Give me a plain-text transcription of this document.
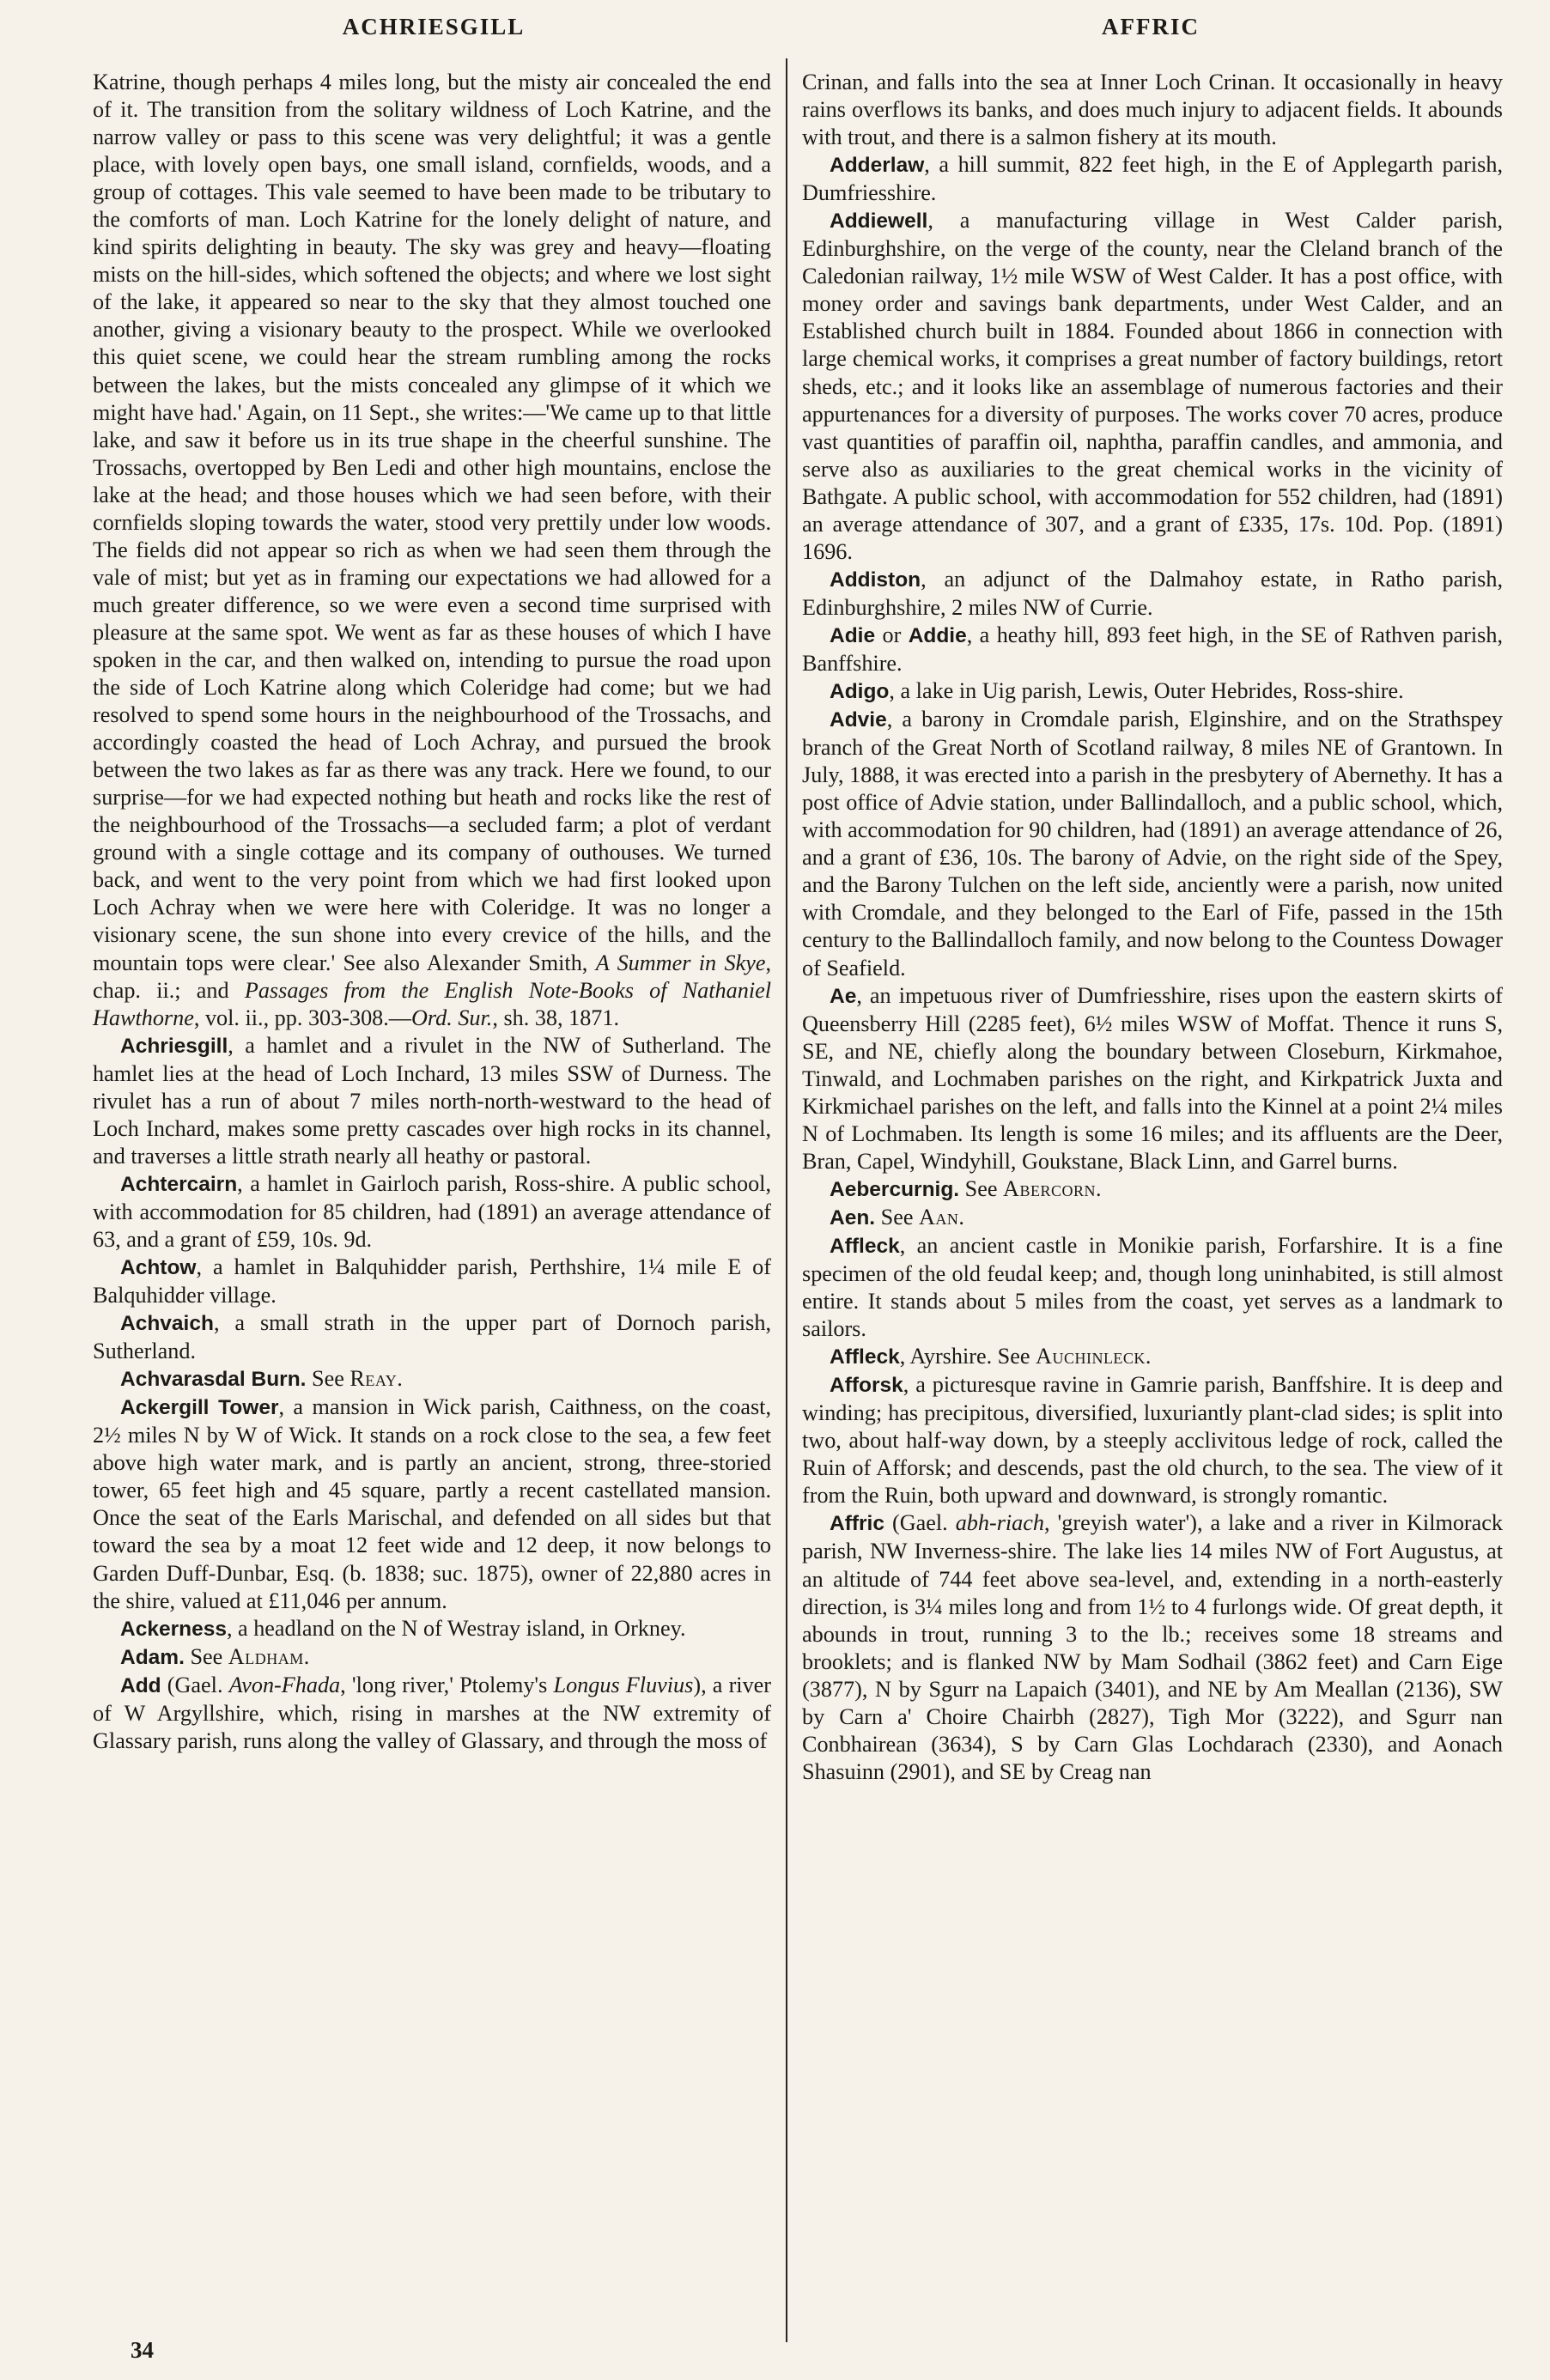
ACHRIESGILL	AFFRIC

Katrine, though perhaps 4 miles long, but the misty air concealed the end of it. The transition from the solitary wildness of Loch Katrine, and the narrow valley or pass to this scene was very delightful; it was a gentle place, with lovely open bays, one small island, cornfields, woods, and a group of cottages. This vale seemed to have been made to be tributary to the comforts of man. Loch Katrine for the lonely delight of nature, and kind spirits delighting in beauty. The sky was grey and heavy—floating mists on the hill-sides, which softened the objects; and where we lost sight of the lake, it appeared so near to the sky that they almost touched one another, giving a visionary beauty to the prospect. While we overlooked this quiet scene, we could hear the stream rumbling among the rocks between the lakes, but the mists concealed any glimpse of it which we might have had.' Again, on 11 Sept., she writes:—'We came up to that little lake, and saw it before us in its true shape in the cheerful sunshine. The Trossachs, overtopped by Ben Ledi and other high mountains, enclose the lake at the head; and those houses which we had seen before, with their cornfields sloping towards the water, stood very prettily under low woods. The fields did not appear so rich as when we had seen them through the vale of mist; but yet as in framing our expectations we had allowed for a much greater difference, so we were even a second time surprised with pleasure at the same spot. We went as far as these houses of which I have spoken in the car, and then walked on, intending to pursue the road upon the side of Loch Katrine along which Coleridge had come; but we had resolved to spend some hours in the neighbourhood of the Trossachs, and accordingly coasted the head of Loch Achray, and pursued the brook between the two lakes as far as there was any track. Here we found, to our surprise—for we had expected nothing but heath and rocks like the rest of the neighbourhood of the Trossachs—a secluded farm; a plot of verdant ground with a single cottage and its company of outhouses. We turned back, and went to the very point from which we had first looked upon Loch Achray when we were here with Coleridge. It was no longer a visionary scene, the sun shone into every crevice of the hills, and the mountain tops were clear.' See also Alexander Smith, A Summer in Skye, chap. ii.; and Passages from the English Note-Books of Nathaniel Hawthorne, vol. ii., pp. 303-308.—Ord. Sur., sh. 38, 1871.

Achriesgill, a hamlet and a rivulet in the NW of Sutherland. The hamlet lies at the head of Loch Inchard, 13 miles SSW of Durness. The rivulet has a run of about 7 miles north-north-westward to the head of Loch Inchard, makes some pretty cascades over high rocks in its channel, and traverses a little strath nearly all heathy or pastoral.

Achtercairn, a hamlet in Gairloch parish, Ross-shire. A public school, with accommodation for 85 children, had (1891) an average attendance of 63, and a grant of £59, 10s. 9d.

Achtow, a hamlet in Balquhidder parish, Perthshire, 1¼ mile E of Balquhidder village.

Achvaich, a small strath in the upper part of Dornoch parish, Sutherland.

Achvarasdal Burn. See Reay.

Ackergill Tower, a mansion in Wick parish, Caithness, on the coast, 2½ miles N by W of Wick. It stands on a rock close to the sea, a few feet above high water mark, and is partly an ancient, strong, three-storied tower, 65 feet high and 45 square, partly a recent castellated mansion. Once the seat of the Earls Marischal, and defended on all sides but that toward the sea by a moat 12 feet wide and 12 deep, it now belongs to Garden Duff-Dunbar, Esq. (b. 1838; suc. 1875), owner of 22,880 acres in the shire, valued at £11,046 per annum.

Ackerness, a headland on the N of Westray island, in Orkney.

Adam. See Aldham.

Add (Gael. Avon-Fhada, 'long river,' Ptolemy's Longus Fluvius), a river of W Argyllshire, which, rising in marshes at the NW extremity of Glassary parish, runs along the valley of Glassary, and through the moss of

Crinan, and falls into the sea at Inner Loch Crinan. It occasionally in heavy rains overflows its banks, and does much injury to adjacent fields. It abounds with trout, and there is a salmon fishery at its mouth.

Adderlaw, a hill summit, 822 feet high, in the E of Applegarth parish, Dumfriesshire.

Addiewell, a manufacturing village in West Calder parish, Edinburghshire, on the verge of the county, near the Cleland branch of the Caledonian railway, 1½ mile WSW of West Calder. It has a post office, with money order and savings bank departments, under West Calder, and an Established church built in 1884. Founded about 1866 in connection with large chemical works, it comprises a great number of factory buildings, retort sheds, etc.; and it looks like an assemblage of numerous factories and their appurtenances for a diversity of purposes. The works cover 70 acres, produce vast quantities of paraffin oil, naphtha, paraffin candles, and ammonia, and serve also as auxiliaries to the great chemical works in the vicinity of Bathgate. A public school, with accommodation for 552 children, had (1891) an average attendance of 307, and a grant of £335, 17s. 10d. Pop. (1891) 1696.

Addiston, an adjunct of the Dalmahoy estate, in Ratho parish, Edinburghshire, 2 miles NW of Currie.

Adie or Addie, a heathy hill, 893 feet high, in the SE of Rathven parish, Banffshire.

Adigo, a lake in Uig parish, Lewis, Outer Hebrides, Ross-shire.

Advie, a barony in Cromdale parish, Elginshire, and on the Strathspey branch of the Great North of Scotland railway, 8 miles NE of Grantown. In July, 1888, it was erected into a parish in the presbytery of Abernethy. It has a post office of Advie station, under Ballindalloch, and a public school, which, with accommodation for 90 children, had (1891) an average attendance of 26, and a grant of £36, 10s. The barony of Advie, on the right side of the Spey, and the Barony Tulchen on the left side, anciently were a parish, now united with Cromdale, and they belonged to the Earl of Fife, passed in the 15th century to the Ballindalloch family, and now belong to the Countess Dowager of Seafield.

Ae, an impetuous river of Dumfriesshire, rises upon the eastern skirts of Queensberry Hill (2285 feet), 6½ miles WSW of Moffat. Thence it runs S, SE, and NE, chiefly along the boundary between Closeburn, Kirkmahoe, Tinwald, and Lochmaben parishes on the right, and Kirkpatrick Juxta and Kirkmichael parishes on the left, and falls into the Kinnel at a point 2¼ miles N of Lochmaben. Its length is some 16 miles; and its affluents are the Deer, Bran, Capel, Windyhill, Goukstane, Black Linn, and Garrel burns.

Aebercurnig. See Abercorn.

Aen. See Aan.

Affleck, an ancient castle in Monikie parish, Forfarshire. It is a fine specimen of the old feudal keep; and, though long uninhabited, is still almost entire. It stands about 5 miles from the coast, yet serves as a landmark to sailors.

Affleck, Ayrshire. See Auchinleck.

Afforsk, a picturesque ravine in Gamrie parish, Banffshire. It is deep and winding; has precipitous, diversified, luxuriantly plant-clad sides; is split into two, about half-way down, by a steeply acclivitous ledge of rock, called the Ruin of Afforsk; and descends, past the old church, to the sea. The view of it from the Ruin, both upward and downward, is strongly romantic.

Affric (Gael. abh-riach, 'greyish water'), a lake and a river in Kilmorack parish, NW Inverness-shire. The lake lies 14 miles NW of Fort Augustus, at an altitude of 744 feet above sea-level, and, extending in a north-easterly direction, is 3¼ miles long and from 1½ to 4 furlongs wide. Of great depth, it abounds in trout, running 3 to the lb.; receives some 18 streams and brooklets; and is flanked NW by Mam Sodhail (3862 feet) and Carn Eige (3877), N by Sgurr na Lapaich (3401), and NE by Am Meallan (2136), SW by Carn a' Choire Chairbh (2827), Tigh Mor (3222), and Sgurr nan Conbhairean (3634), S by Carn Glas Lochdarach (2330), and Aonach Shasuinn (2901), and SE by Creag nan

34
